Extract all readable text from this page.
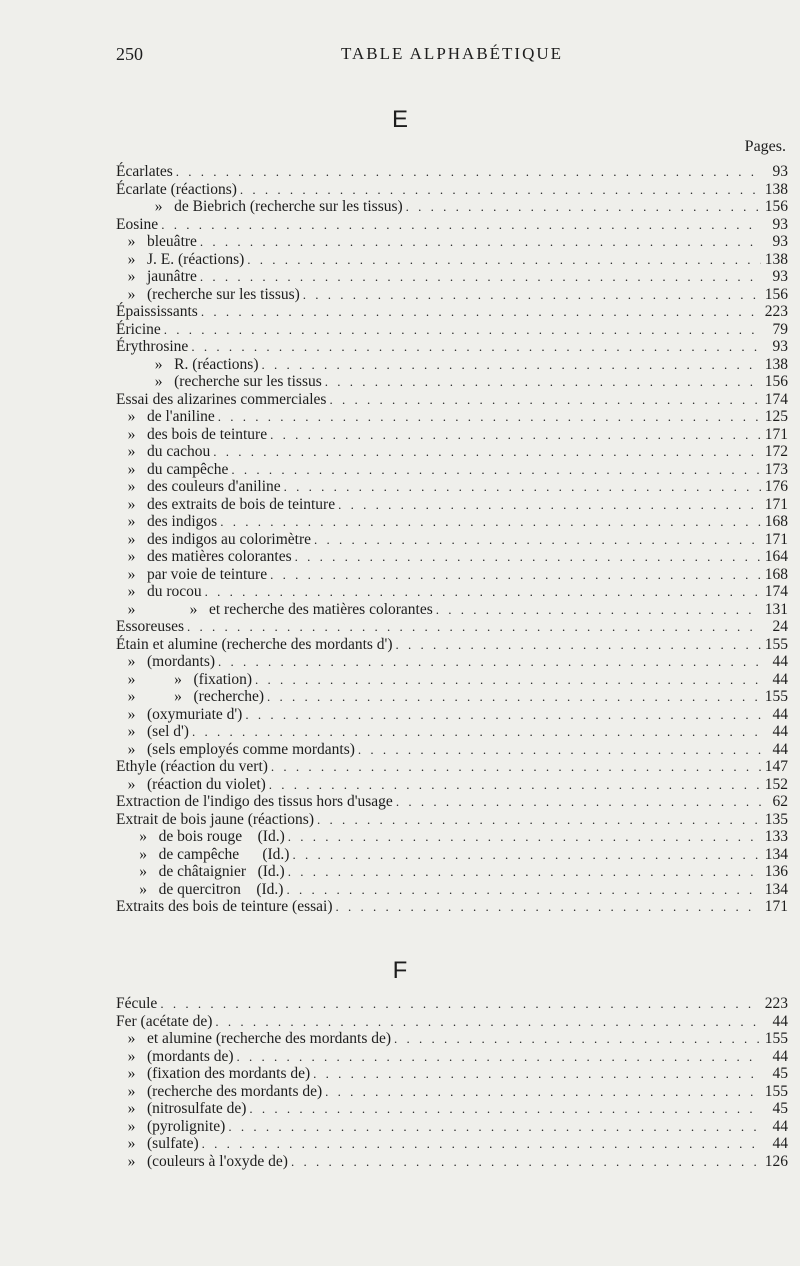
250	TABLE ALPHABÉTIQUE
E
Pages.
Écarlates . . .	93
Écarlate (réactions) . . .	138
»   de Biebrich (recherche sur les tissus) . . .	156
Eosine . . .	93
»   bleuâtre . . .	93
»   J. E. (réactions) . . .	138
»   jaunâtre . . .	93
»   (recherche sur les tissus) . . .	156
Épaississants . . .	223
Éricine . . .	79
Érythrosine . . .	93
»   R. (réactions) . . .	138
»   (recherche sur les tissus . . .	156
Essai des alizarines commerciales . . .	174
»   de l'aniline . . .	125
»   des bois de teinture . . .	171
»   du cachou . . .	172
»   du campêche . . .	173
»   des couleurs d'aniline . . .	176
»   des extraits de bois de teinture . . .	171
»   des indigos . . .	168
»   des indigos au colorimètre . . .	171
»   des matières colorantes . . .	164
»   par voie de teinture . . .	168
»   du rocou . . .	174
»              »   et recherche des matières colorantes . . .	131
Essoreuses . . .	24
Étain et alumine (recherche des mordants d') . . .	155
»   (mordants) . . .	44
»          »   (fixation) . . .	44
»          »   (recherche) . . .	155
»   (oxymuriate d') . . .	44
»   (sel d') . . .	44
»   (sels employés comme mordants) . . .	44
Ethyle (réaction du vert) . . .	147
»   (réaction du violet) . . .	152
Extraction de l'indigo des tissus hors d'usage . . .	62
Extrait de bois jaune (réactions) . . .	135
»   de bois rouge    (Id.) . . .	133
»   de campêche      (Id.) . . .	134
»   de châtaignier   (Id.) . . .	136
»   de quercitron    (Id.) . . .	134
Extraits des bois de teinture (essai) . . .	171
F
Fécule . . .	223
Fer (acétate de) . . .	44
»   et alumine (recherche des mordants de) . . .	155
»   (mordants de) . . .	44
»   (fixation des mordants de) . . .	45
»   (recherche des mordants de) . . .	155
»   (nitrosulfate de) . . .	45
»   (pyrolignite) . . .	44
»   (sulfate) . . .	44
»   (couleurs à l'oxyde de) . . .	126
